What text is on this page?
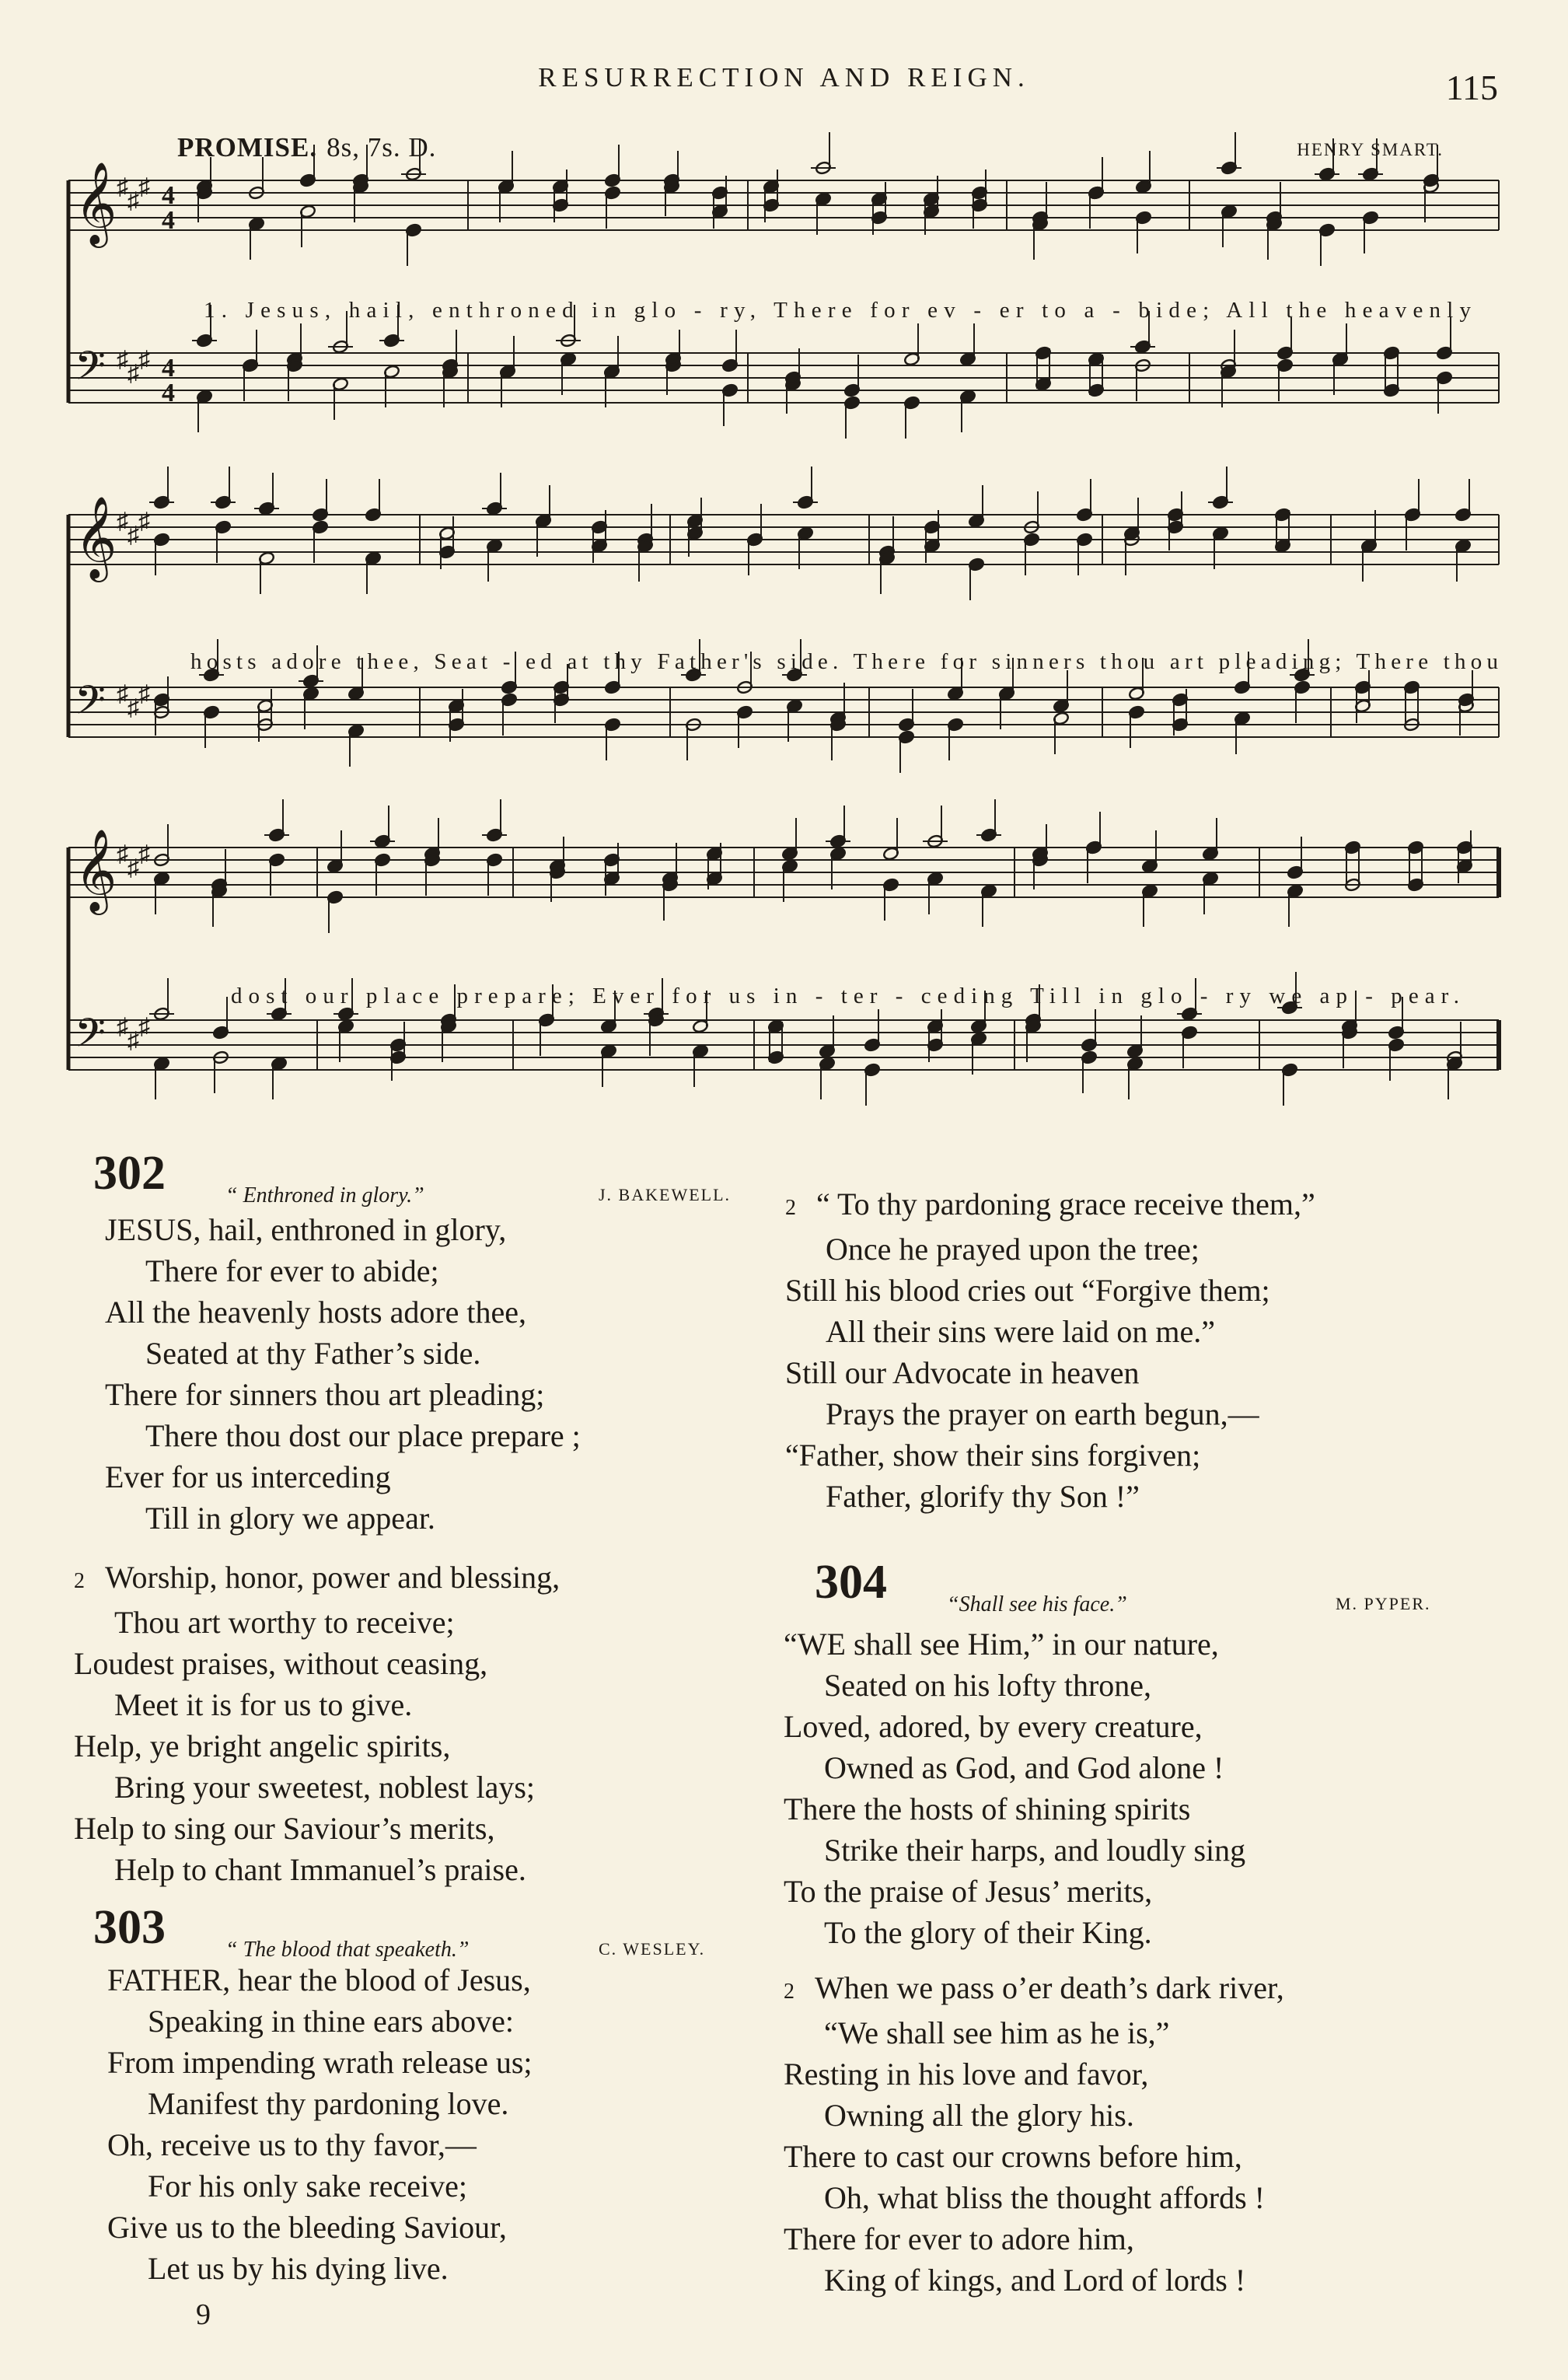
RESURRECTION AND REIGN.	115
PROMISE. 8s, 7s. D.	HENRY SMART.
𝄞 ♯
♯
♯ 4
4
𝄢 ♯
♯
♯ 4
4
1. Jesus, hail, enthroned in glo - ry, There for ev - er to a - bide; All the heavenly
𝄞 ♯
♯
♯
𝄢 ♯
♯
♯
hosts adore thee, Seat - ed at thy Father's side. There for sinners thou art pleading; There thou
𝄞 ♯
♯
♯
𝄢 ♯
♯
♯
dost our place prepare; Ever for us in - ter - ceding Till in glo - ry we ap - pear.
302	“ Enthroned in glory.”	J. BAKEWELL.
JESUS, hail, enthroned in glory,
There for ever to abide;
All the heavenly hosts adore thee,
Seated at thy Father’s side.
There for sinners thou art pleading;
There thou dost our place prepare ;
Ever for us interceding
Till in glory we appear.
2 Worship, honor, power and blessing,
Thou art worthy to receive;
Loudest praises, without ceasing,
Meet it is for us to give.
Help, ye bright angelic spirits,
Bring your sweetest, noblest lays;
Help to sing our Saviour’s merits,
Help to chant Immanuel’s praise.
303	“ The blood that speaketh.”	C. WESLEY.
FATHER, hear the blood of Jesus,
Speaking in thine ears above:
From impending wrath release us;
Manifest thy pardoning love.
Oh, receive us to thy favor,—
For his only sake receive;
Give us to the bleeding Saviour,
Let us by his dying live.
2 “ To thy pardoning grace receive them,”
Once he prayed upon the tree;
Still his blood cries out “Forgive them;
All their sins were laid on me.”
Still our Advocate in heaven
Prays the prayer on earth begun,—
“Father, show their sins forgiven;
Father, glorify thy Son !”
304	“Shall see his face.”	M. PYPER.
“WE shall see Him,” in our nature,
Seated on his lofty throne,
Loved, adored, by every creature,
Owned as God, and God alone !
There the hosts of shining spirits
Strike their harps, and loudly sing
To the praise of Jesus’ merits,
To the glory of their King.
2 When we pass o’er death’s dark river,
“We shall see him as he is,”
Resting in his love and favor,
Owning all the glory his.
There to cast our crowns before him,
Oh, what bliss the thought affords !
There for ever to adore him,
King of kings, and Lord of lords !
9
